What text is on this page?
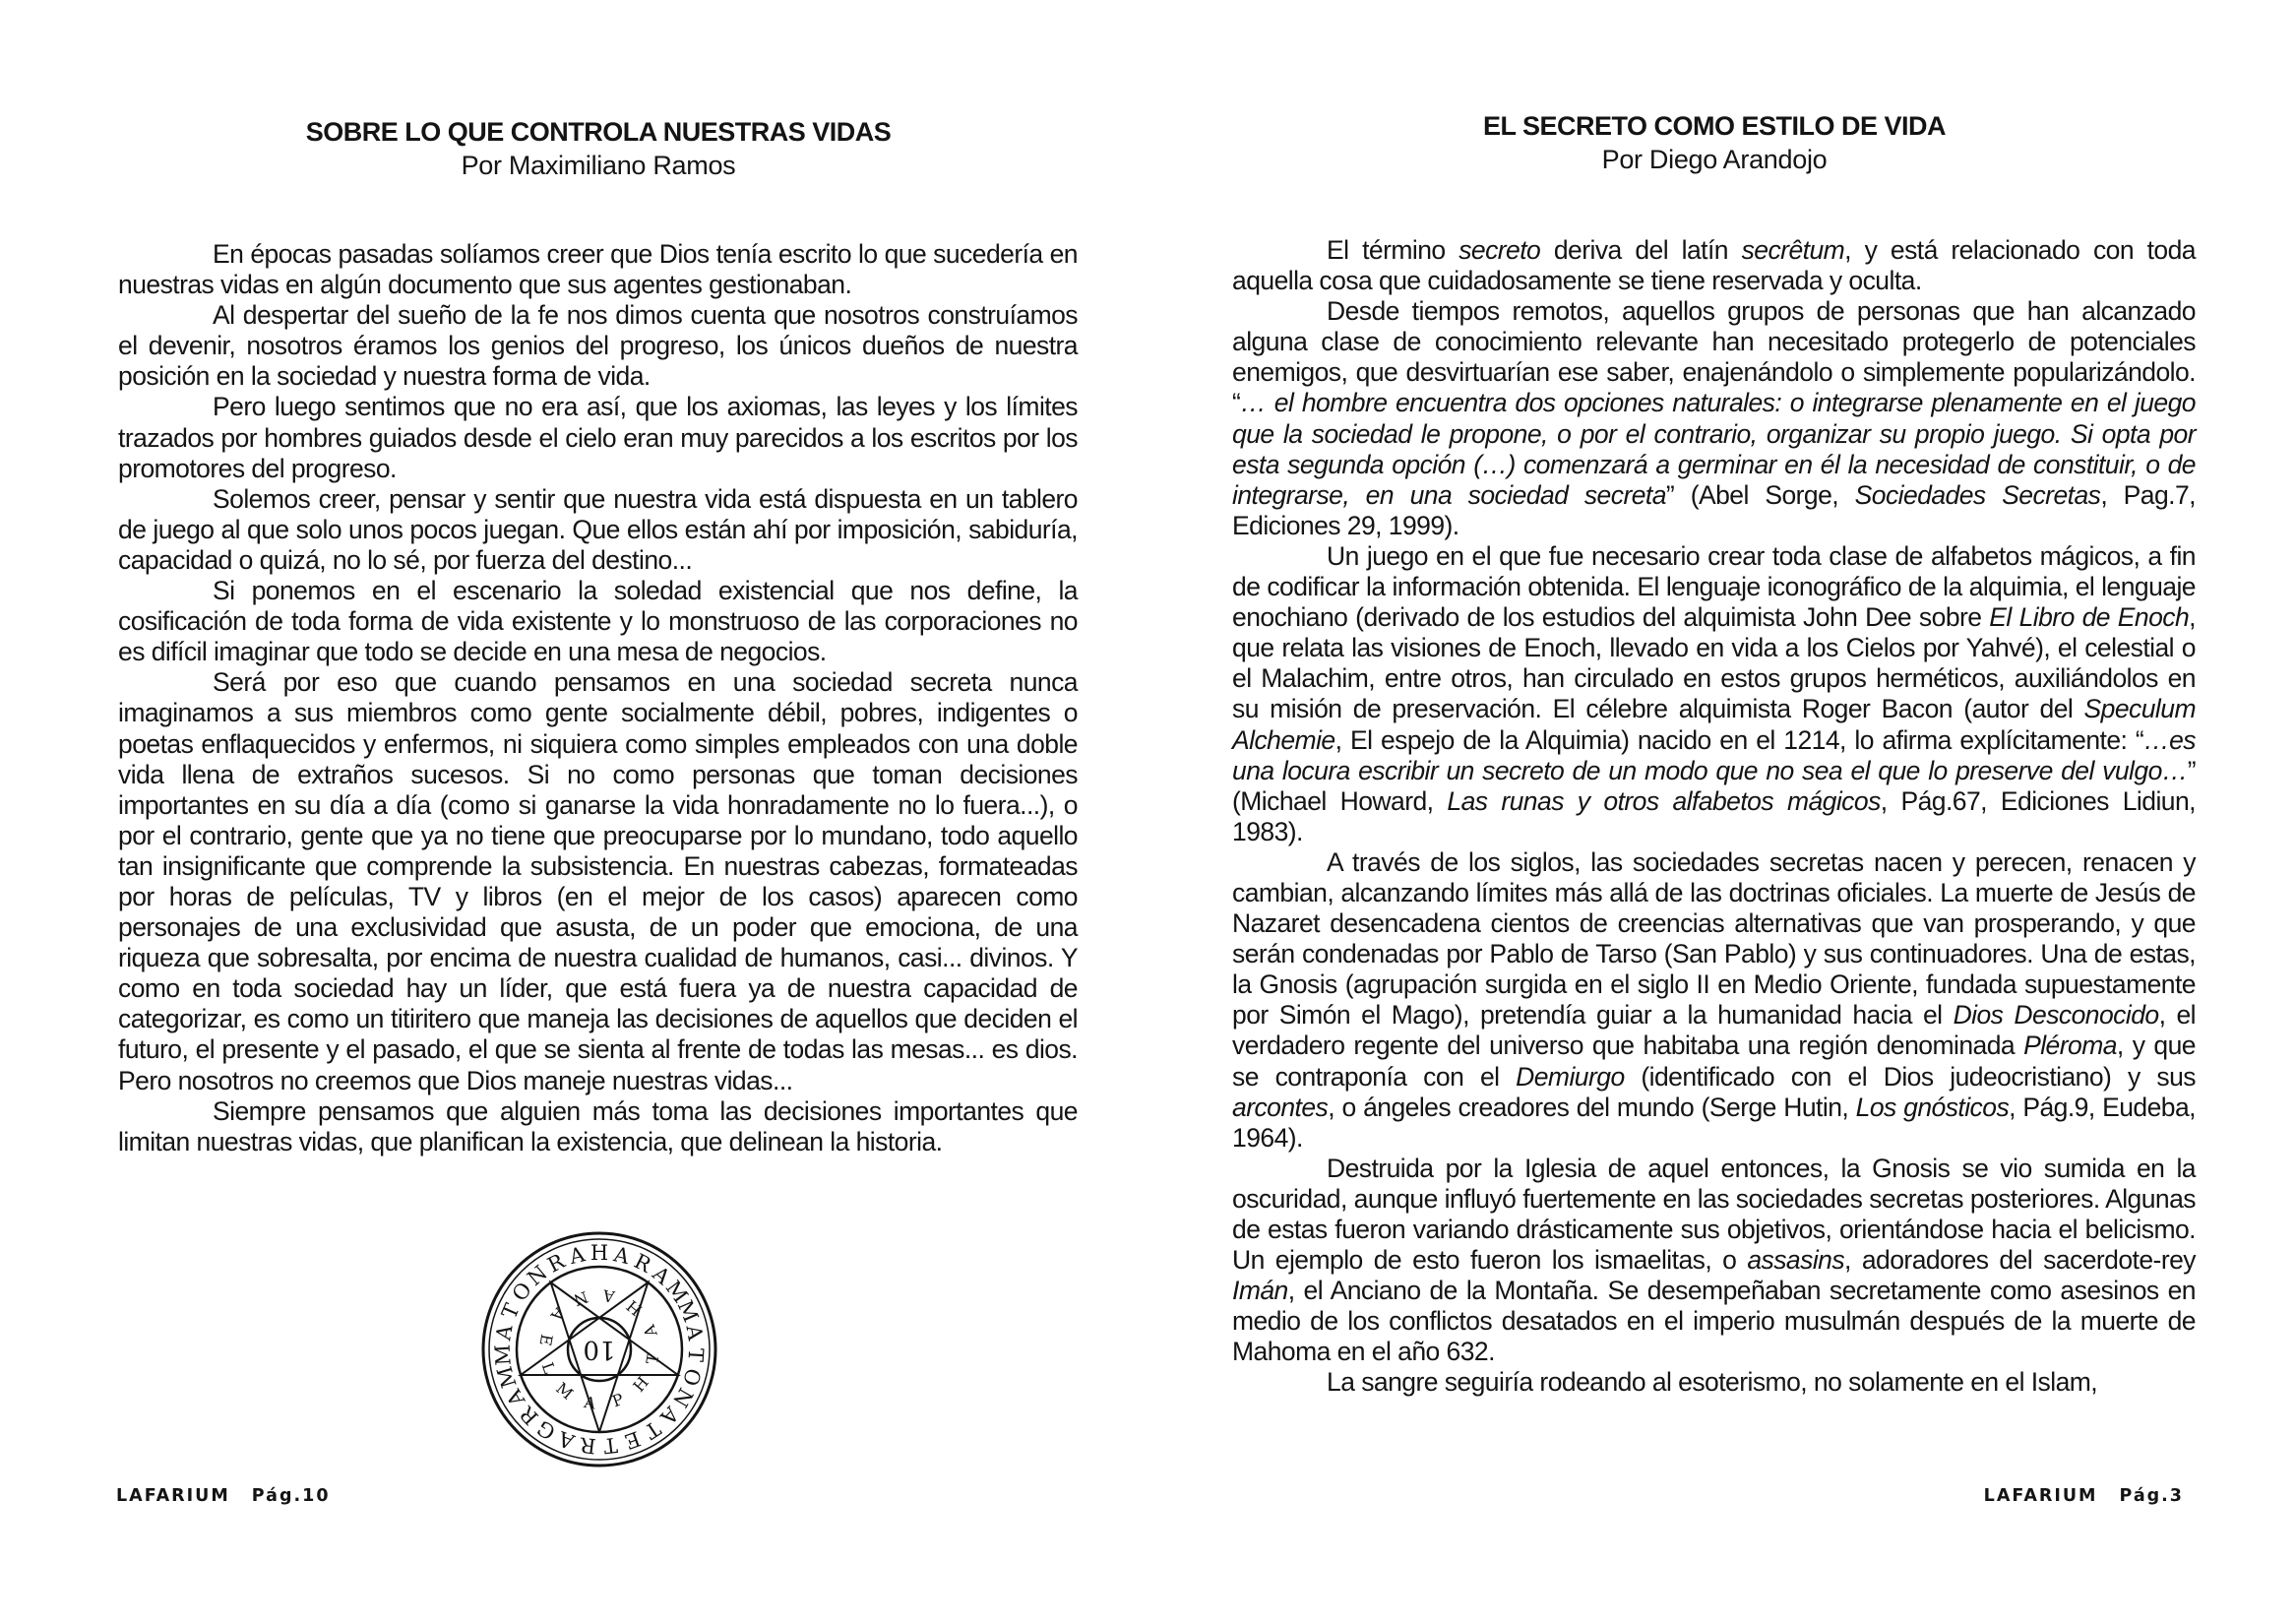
SOBRE LO QUE CONTROLA NUESTRAS VIDAS
Por Maximiliano Ramos

En épocas pasadas solíamos creer que Dios tenía escrito lo que sucedería en nuestras vidas en algún documento que sus agentes gestionaban.

Al despertar del sueño de la fe nos dimos cuenta que nosotros construíamos el devenir, nosotros éramos los genios del progreso, los únicos dueños de nuestra posición en la sociedad y nuestra forma de vida.

Pero luego sentimos que no era así, que los axiomas, las leyes y los límites trazados por hombres guiados desde el cielo eran muy parecidos a los escritos por los promotores del progreso.

Solemos creer, pensar y sentir que nuestra vida está dispuesta en un tablero de juego al que solo unos pocos juegan. Que ellos están ahí por imposición, sabiduría, capacidad o quizá, no lo sé, por fuerza del destino...

Si ponemos en el escenario la soledad existencial que nos define, la cosificación de toda forma de vida existente y lo monstruoso de las corporaciones no es difícil imaginar que todo se decide en una mesa de negocios.

Será por eso que cuando pensamos en una sociedad secreta nunca imaginamos a sus miembros como gente socialmente débil, pobres, indigentes o poetas enflaquecidos y enfermos, ni siquiera como simples empleados con una doble vida llena de extraños sucesos. Si no como personas que toman decisiones importantes en su día a día (como si ganarse la vida honradamente no lo fuera...), o por el contrario, gente que ya no tiene que preocuparse por lo mundano, todo aquello tan insignificante que comprende la subsistencia. En nuestras cabezas, formateadas por horas de películas, TV y libros (en el mejor de los casos) aparecen como personajes de una exclusividad que asusta, de un poder que emociona, de una riqueza que sobresalta, por encima de nuestra cualidad de humanos, casi... divinos. Y como en toda sociedad hay un líder, que está fuera ya de nuestra capacidad de categorizar, es como un titiritero que maneja las decisiones de aquellos que deciden el futuro, el presente y el pasado, el que se sienta al frente de todas las mesas... es dios. Pero nosotros no creemos que Dios maneje nuestras vidas...

Siempre pensamos que alguien más toma las decisiones importantes que limitan nuestras vidas, que planifican la existencia, que delinean la historia.

H A
R
A
M
M
A
T
O
N
A
T
E
T
R
A
G
R
A
M
M
A
T
O
N
R
A
A
M
L
E
A
N A
H
A
T
H
P
10
LAFARIUM Pág.10
EL SECRETO COMO ESTILO DE VIDA
Por Diego Arandojo

El término secreto deriva del latín secrêtum, y está relacionado con toda aquella cosa que cuidadosamente se tiene reservada y oculta.

Desde tiempos remotos, aquellos grupos de personas que han alcanzado alguna clase de conocimiento relevante han necesitado protegerlo de potenciales enemigos, que desvirtuarían ese saber, enajenándolo o simplemente popularizándolo. “… el hombre encuentra dos opciones naturales: o integrarse plenamente en el juego que la sociedad le propone, o por el contrario, organizar su propio juego. Si opta por esta segunda opción (…) comenzará a germinar en él la necesidad de constituir, o de integrarse, en una sociedad secreta” (Abel Sorge, Sociedades Secretas, Pag.7, Ediciones 29, 1999).

Un juego en el que fue necesario crear toda clase de alfabetos mágicos, a fin de codificar la información obtenida. El lenguaje iconográfico de la alquimia, el lenguaje enochiano (derivado de los estudios del alquimista John Dee sobre El Libro de Enoch, que relata las visiones de Enoch, llevado en vida a los Cielos por Yahvé), el celestial o el Malachim, entre otros, han circulado en estos grupos herméticos, auxiliándolos en su misión de preservación. El célebre alquimista Roger Bacon (autor del Speculum Alchemie, El espejo de la Alquimia) nacido en el 1214, lo afirma explícitamente: “…es una locura escribir un secreto de un modo que no sea el que lo preserve del vulgo…” (Michael Howard, Las runas y otros alfabetos mágicos, Pág.67, Ediciones Lidiun, 1983).

A través de los siglos, las sociedades secretas nacen y perecen, renacen y cambian, alcanzando límites más allá de las doctrinas oficiales. La muerte de Jesús de Nazaret desencadena cientos de creencias alternativas que van prosperando, y que serán condenadas por Pablo de Tarso (San Pablo) y sus continuadores. Una de estas, la Gnosis (agrupación surgida en el siglo II en Medio Oriente, fundada supuestamente por Simón el Mago), pretendía guiar a la humanidad hacia el Dios Desconocido, el verdadero regente del universo que habitaba una región denominada Pléroma, y que se contraponía con el Demiurgo (identificado con el Dios judeocristiano) y sus arcontes, o ángeles creadores del mundo (Serge Hutin, Los gnósticos, Pág.9, Eudeba, 1964).

Destruida por la Iglesia de aquel entonces, la Gnosis se vio sumida en la oscuridad, aunque influyó fuertemente en las sociedades secretas posteriores. Algunas de estas fueron variando drásticamente sus objetivos, orientándose hacia el belicismo. Un ejemplo de esto fueron los ismaelitas, o assasins, adoradores del sacerdote-rey Imán, el Anciano de la Montaña. Se desempeñaban secretamente como asesinos en medio de los conflictos desatados en el imperio musulmán después de la muerte de Mahoma en el año 632.

La sangre seguiría rodeando al esoterismo, no solamente en el Islam,

LAFARIUM Pág.3
